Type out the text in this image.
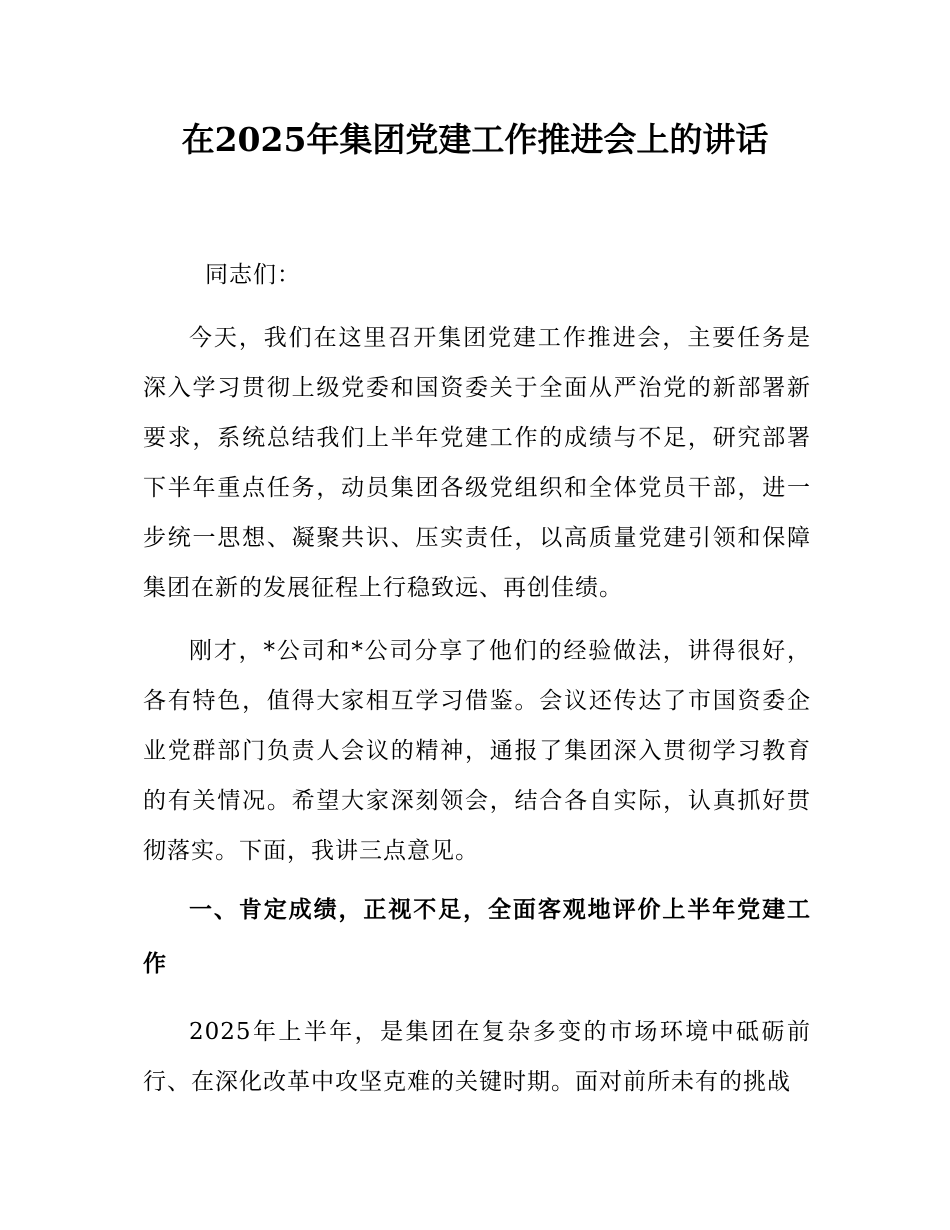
在2025年集团党建工作推进会上的讲话

同志们：

今天，我们在这里召开集团党建工作推进会，主要任务是深入学习贯彻上级党委和国资委关于全面从严治党的新部署新要求，系统总结我们上半年党建工作的成绩与不足，研究部署下半年重点任务，动员集团各级党组织和全体党员干部，进一步统一思想、凝聚共识、压实责任，以高质量党建引领和保障集团在新的发展征程上行稳致远、再创佳绩。

刚才，*公司和*公司分享了他们的经验做法，讲得很好，各有特色，值得大家相互学习借鉴。会议还传达了市国资委企业党群部门负责人会议的精神，通报了集团深入贯彻学习教育的有关情况。希望大家深刻领会，结合各自实际，认真抓好贯彻落实。下面，我讲三点意见。

一、肯定成绩，正视不足，全面客观地评价上半年党建工作

2025年上半年，是集团在复杂多变的市场环境中砥砺前行、在深化改革中攻坚克难的关键时期。面对前所未有的挑战
